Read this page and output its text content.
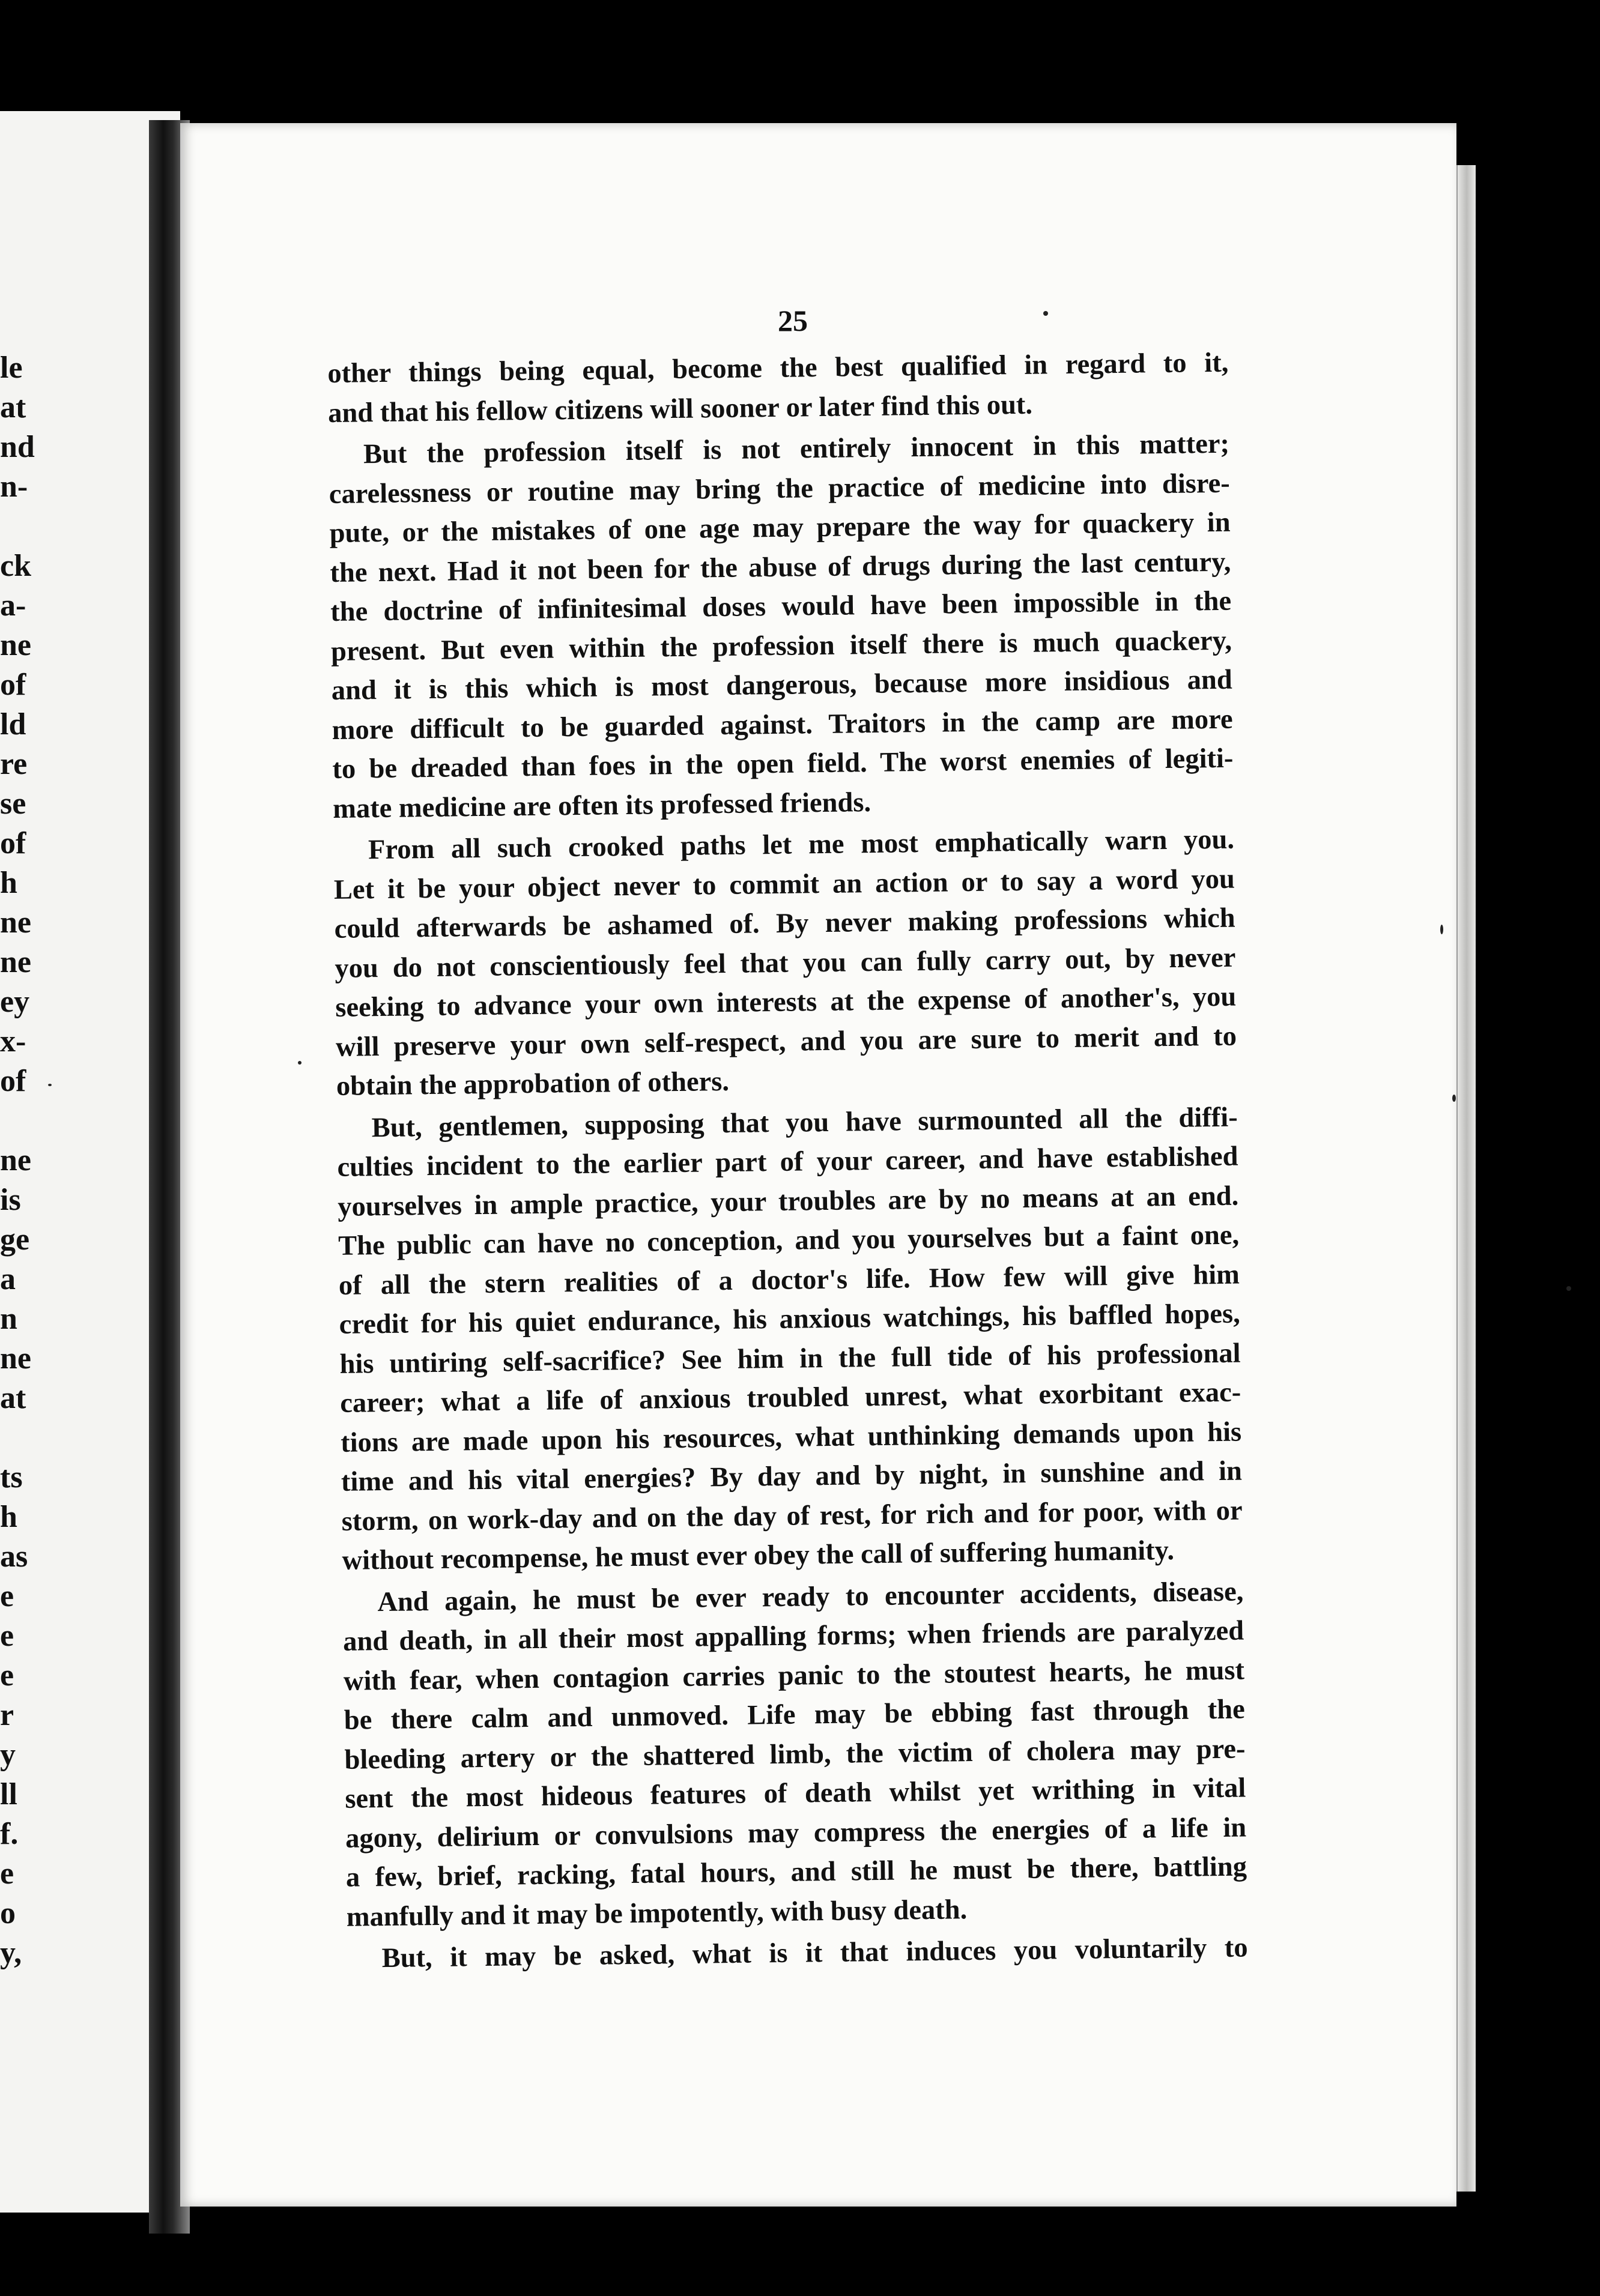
le
at
nd
n-
ck
a-
ne
of
ld
re
se
of
h
ne
ne
ey
x-
of
ne
is
ge
a
n
ne
at
ts
h
as
e
e
e
r
y
ll
f.
e
o
y,
25
other things being equal, become the best qualified in regard to it,
and that his fellow citizens will sooner or later find this out.
But the profession itself is not entirely innocent in this matter;
carelessness or routine may bring the practice of medicine into disre-
pute, or the mistakes of one age may prepare the way for quackery in
the next. Had it not been for the abuse of drugs during the last century,
the doctrine of infinitesimal doses would have been impossible in the
present. But even within the profession itself there is much quackery,
and it is this which is most dangerous, because more insidious and
more difficult to be guarded against. Traitors in the camp are more
to be dreaded than foes in the open field. The worst enemies of legiti-
mate medicine are often its professed friends.
From all such crooked paths let me most emphatically warn you.
Let it be your object never to commit an action or to say a word you
could afterwards be ashamed of. By never making professions which
you do not conscientiously feel that you can fully carry out, by never
seeking to advance your own interests at the expense of another's, you
will preserve your own self-respect, and you are sure to merit and to
obtain the approbation of others.
But, gentlemen, supposing that you have surmounted all the diffi-
culties incident to the earlier part of your career, and have established
yourselves in ample practice, your troubles are by no means at an end.
The public can have no conception, and you yourselves but a faint one,
of all the stern realities of a doctor's life. How few will give him
credit for his quiet endurance, his anxious watchings, his baffled hopes,
his untiring self-sacrifice? See him in the full tide of his professional
career; what a life of anxious troubled unrest, what exorbitant exac-
tions are made upon his resources, what unthinking demands upon his
time and his vital energies? By day and by night, in sunshine and in
storm, on work-day and on the day of rest, for rich and for poor, with or
without recompense, he must ever obey the call of suffering humanity.
And again, he must be ever ready to encounter accidents, disease,
and death, in all their most appalling forms; when friends are paralyzed
with fear, when contagion carries panic to the stoutest hearts, he must
be there calm and unmoved. Life may be ebbing fast through the
bleeding artery or the shattered limb, the victim of cholera may pre-
sent the most hideous features of death whilst yet writhing in vital
agony, delirium or convulsions may compress the energies of a life in
a few, brief, racking, fatal hours, and still he must be there, battling
manfully and it may be impotently, with busy death.
But, it may be asked, what is it that induces you voluntarily to
